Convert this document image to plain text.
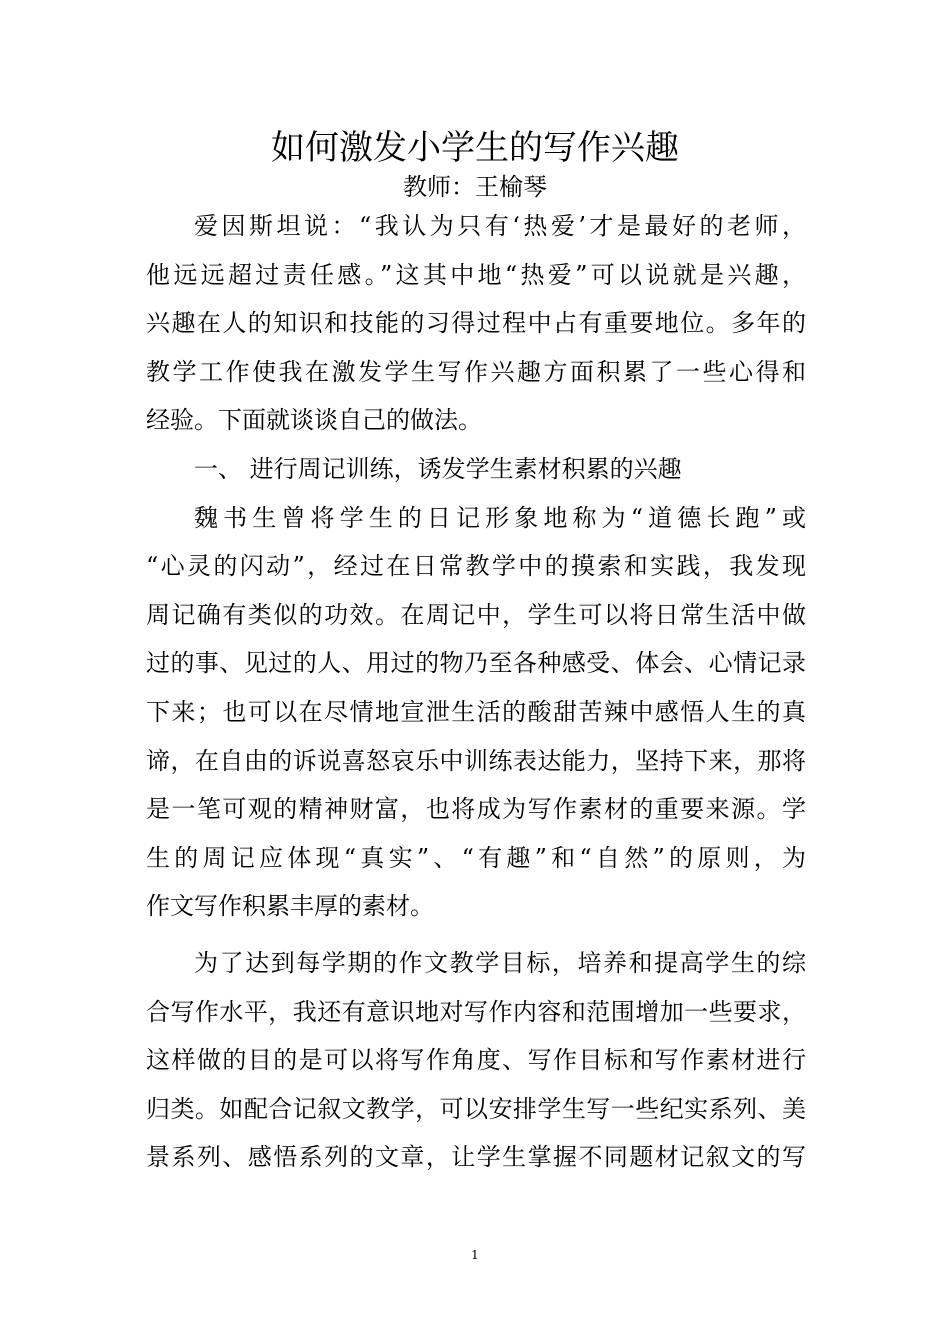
如何激发小学生的写作兴趣
教师：王榆琴
爱因斯坦说：“我认为只有‘热爱’才是最好的老师，
他远远超过责任感。”这其中地“热爱”可以说就是兴趣，
兴趣在人的知识和技能的习得过程中占有重要地位。多年的
教学工作使我在激发学生写作兴趣方面积累了一些心得和
经验。下面就谈谈自己的做法。
一、 进行周记训练，诱发学生素材积累的兴趣
魏书生曾将学生的日记形象地称为“道德长跑”或
“心灵的闪动”，经过在日常教学中的摸索和实践，我发现
周记确有类似的功效。在周记中，学生可以将日常生活中做
过的事、见过的人、用过的物乃至各种感受、体会、心情记录
下来；也可以在尽情地宣泄生活的酸甜苦辣中感悟人生的真
谛，在自由的诉说喜怒哀乐中训练表达能力，坚持下来，那将
是一笔可观的精神财富，也将成为写作素材的重要来源。学
生的周记应体现“真实”、“有趣”和“自然”的原则，为
作文写作积累丰厚的素材。
为了达到每学期的作文教学目标，培养和提高学生的综
合写作水平，我还有意识地对写作内容和范围增加一些要求，
这样做的目的是可以将写作角度、写作目标和写作素材进行
归类。如配合记叙文教学，可以安排学生写一些纪实系列、美
景系列、感悟系列的文章，让学生掌握不同题材记叙文的写
1
